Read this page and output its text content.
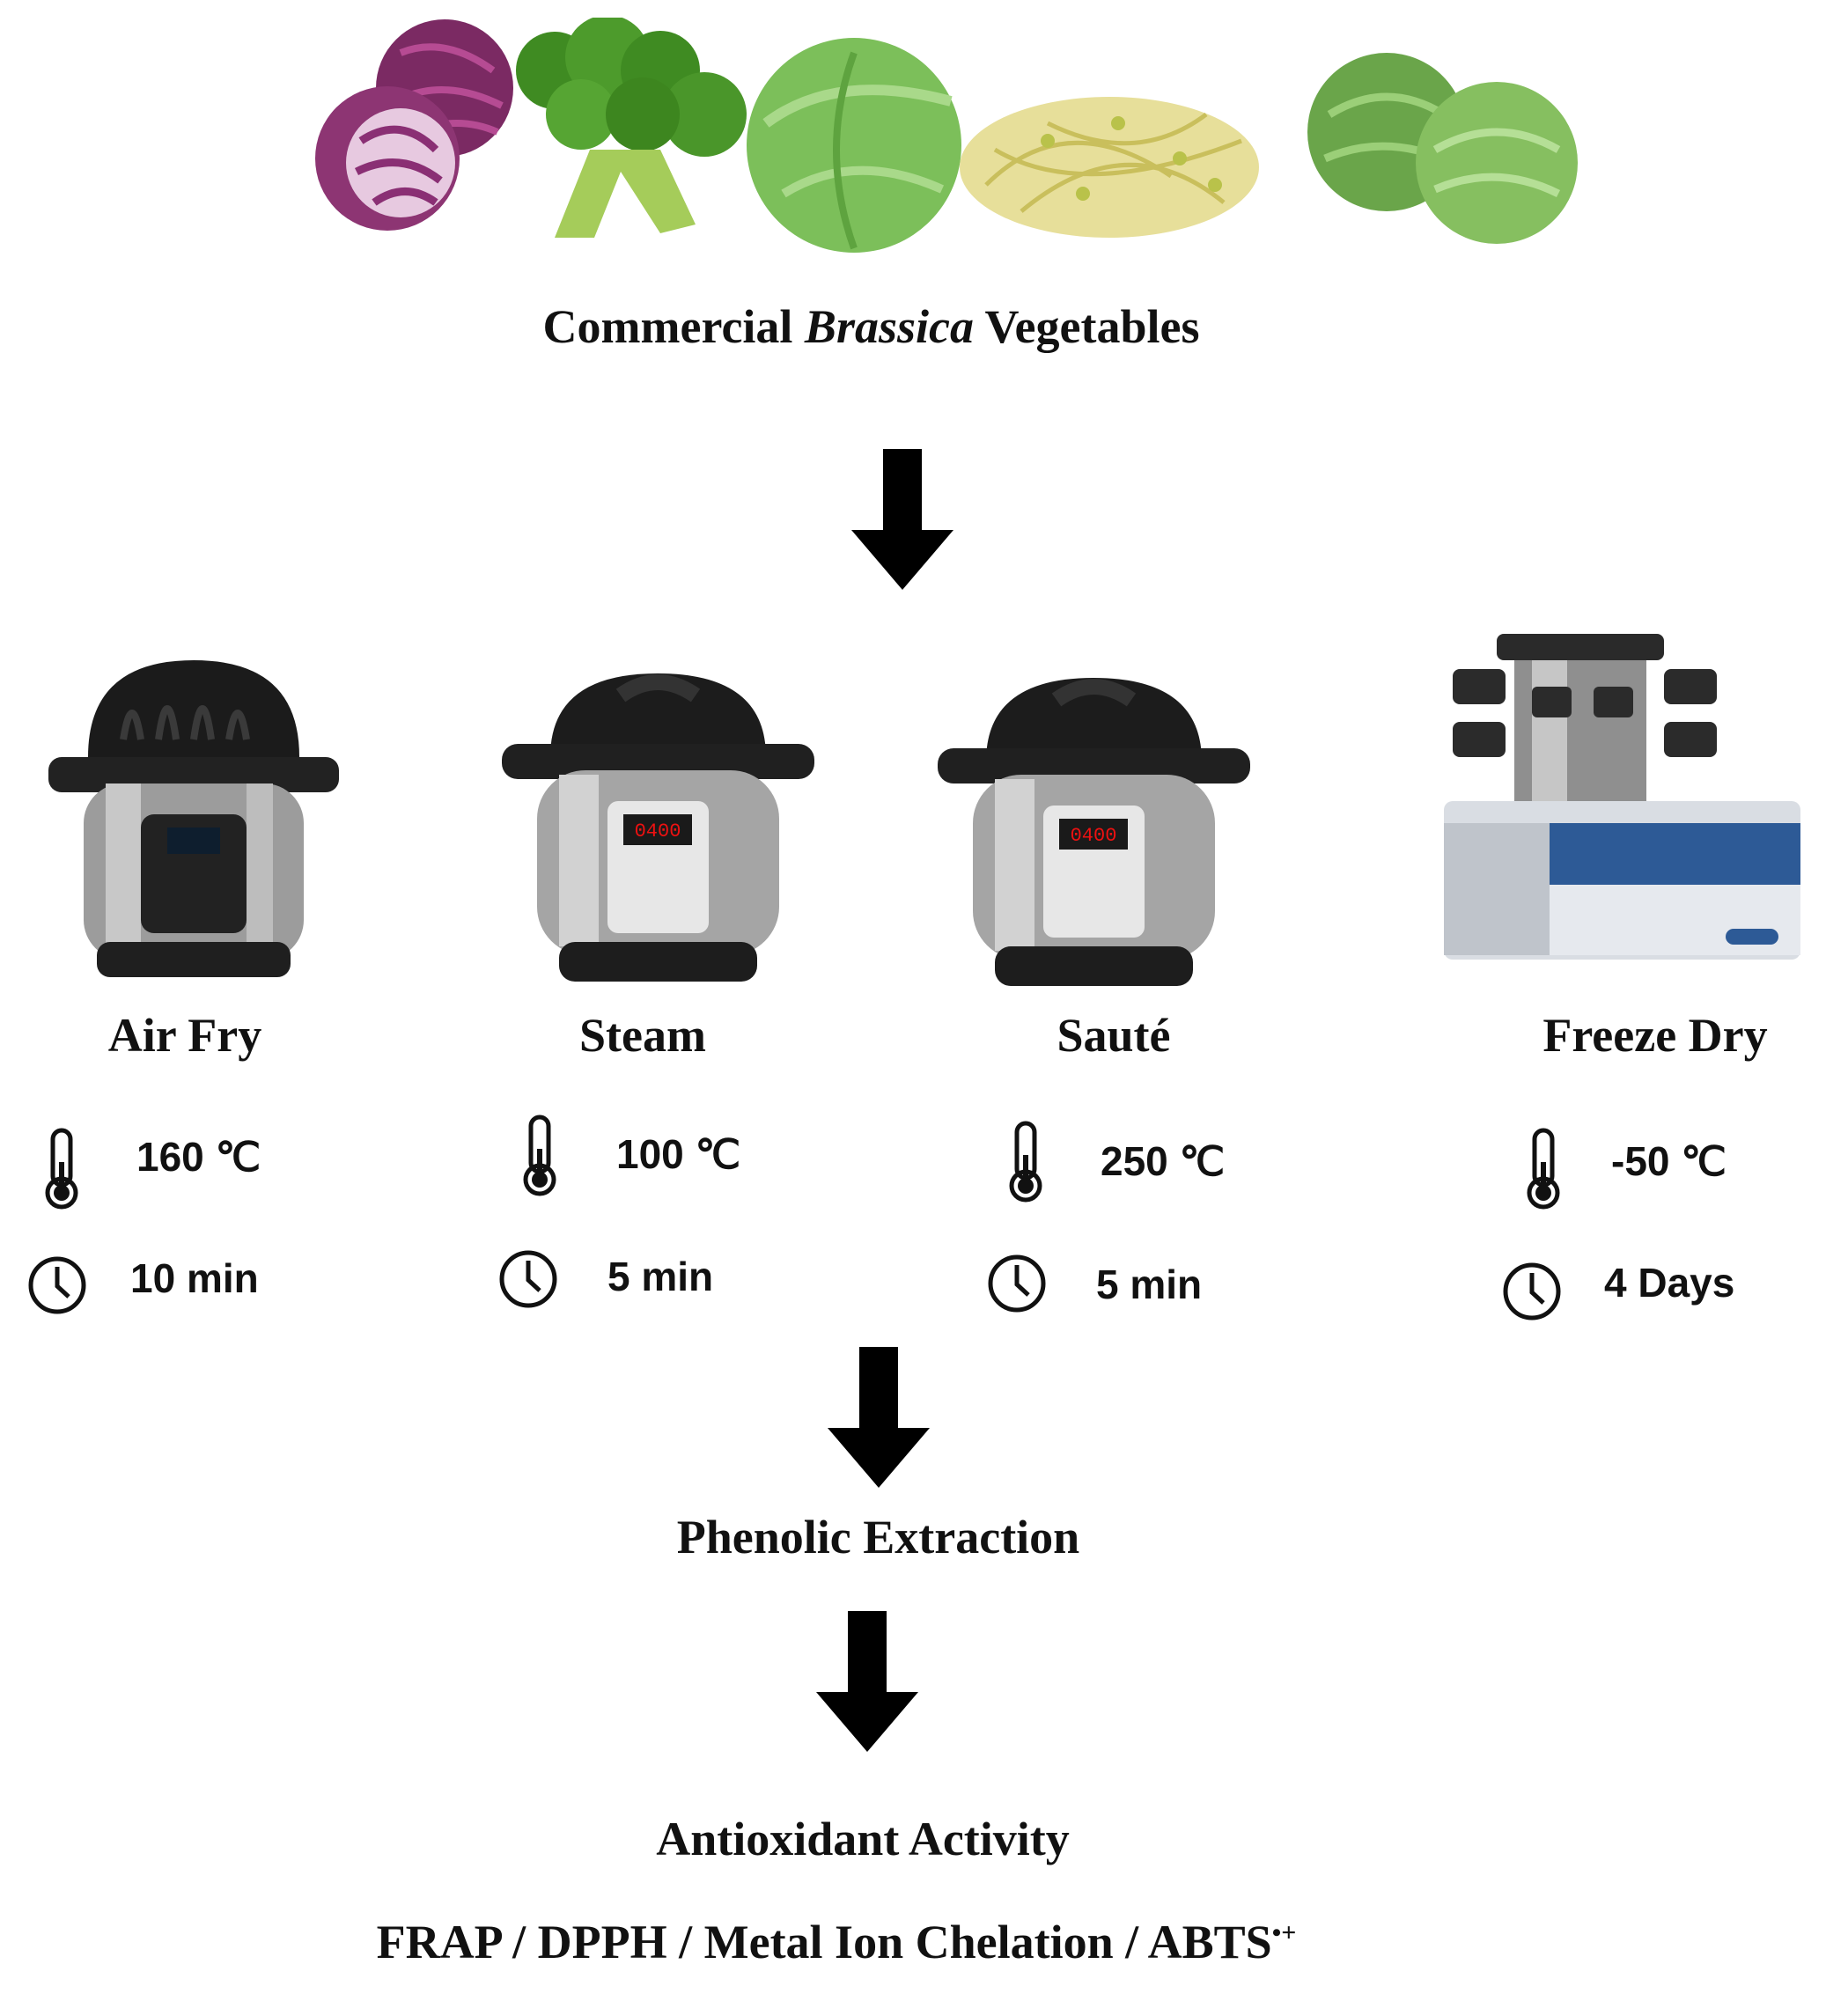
Commercial Brassica Vegetables
0400	0400
Air Fry	Steam	Sauté	Freeze Dry
160 ℃	100 ℃	250 ℃	-50 ℃
10 min	5 min	5 min	4 Days
Phenolic Extraction
Antioxidant Activity
FRAP / DPPH / Metal Ion Chelation / ABTS•+
